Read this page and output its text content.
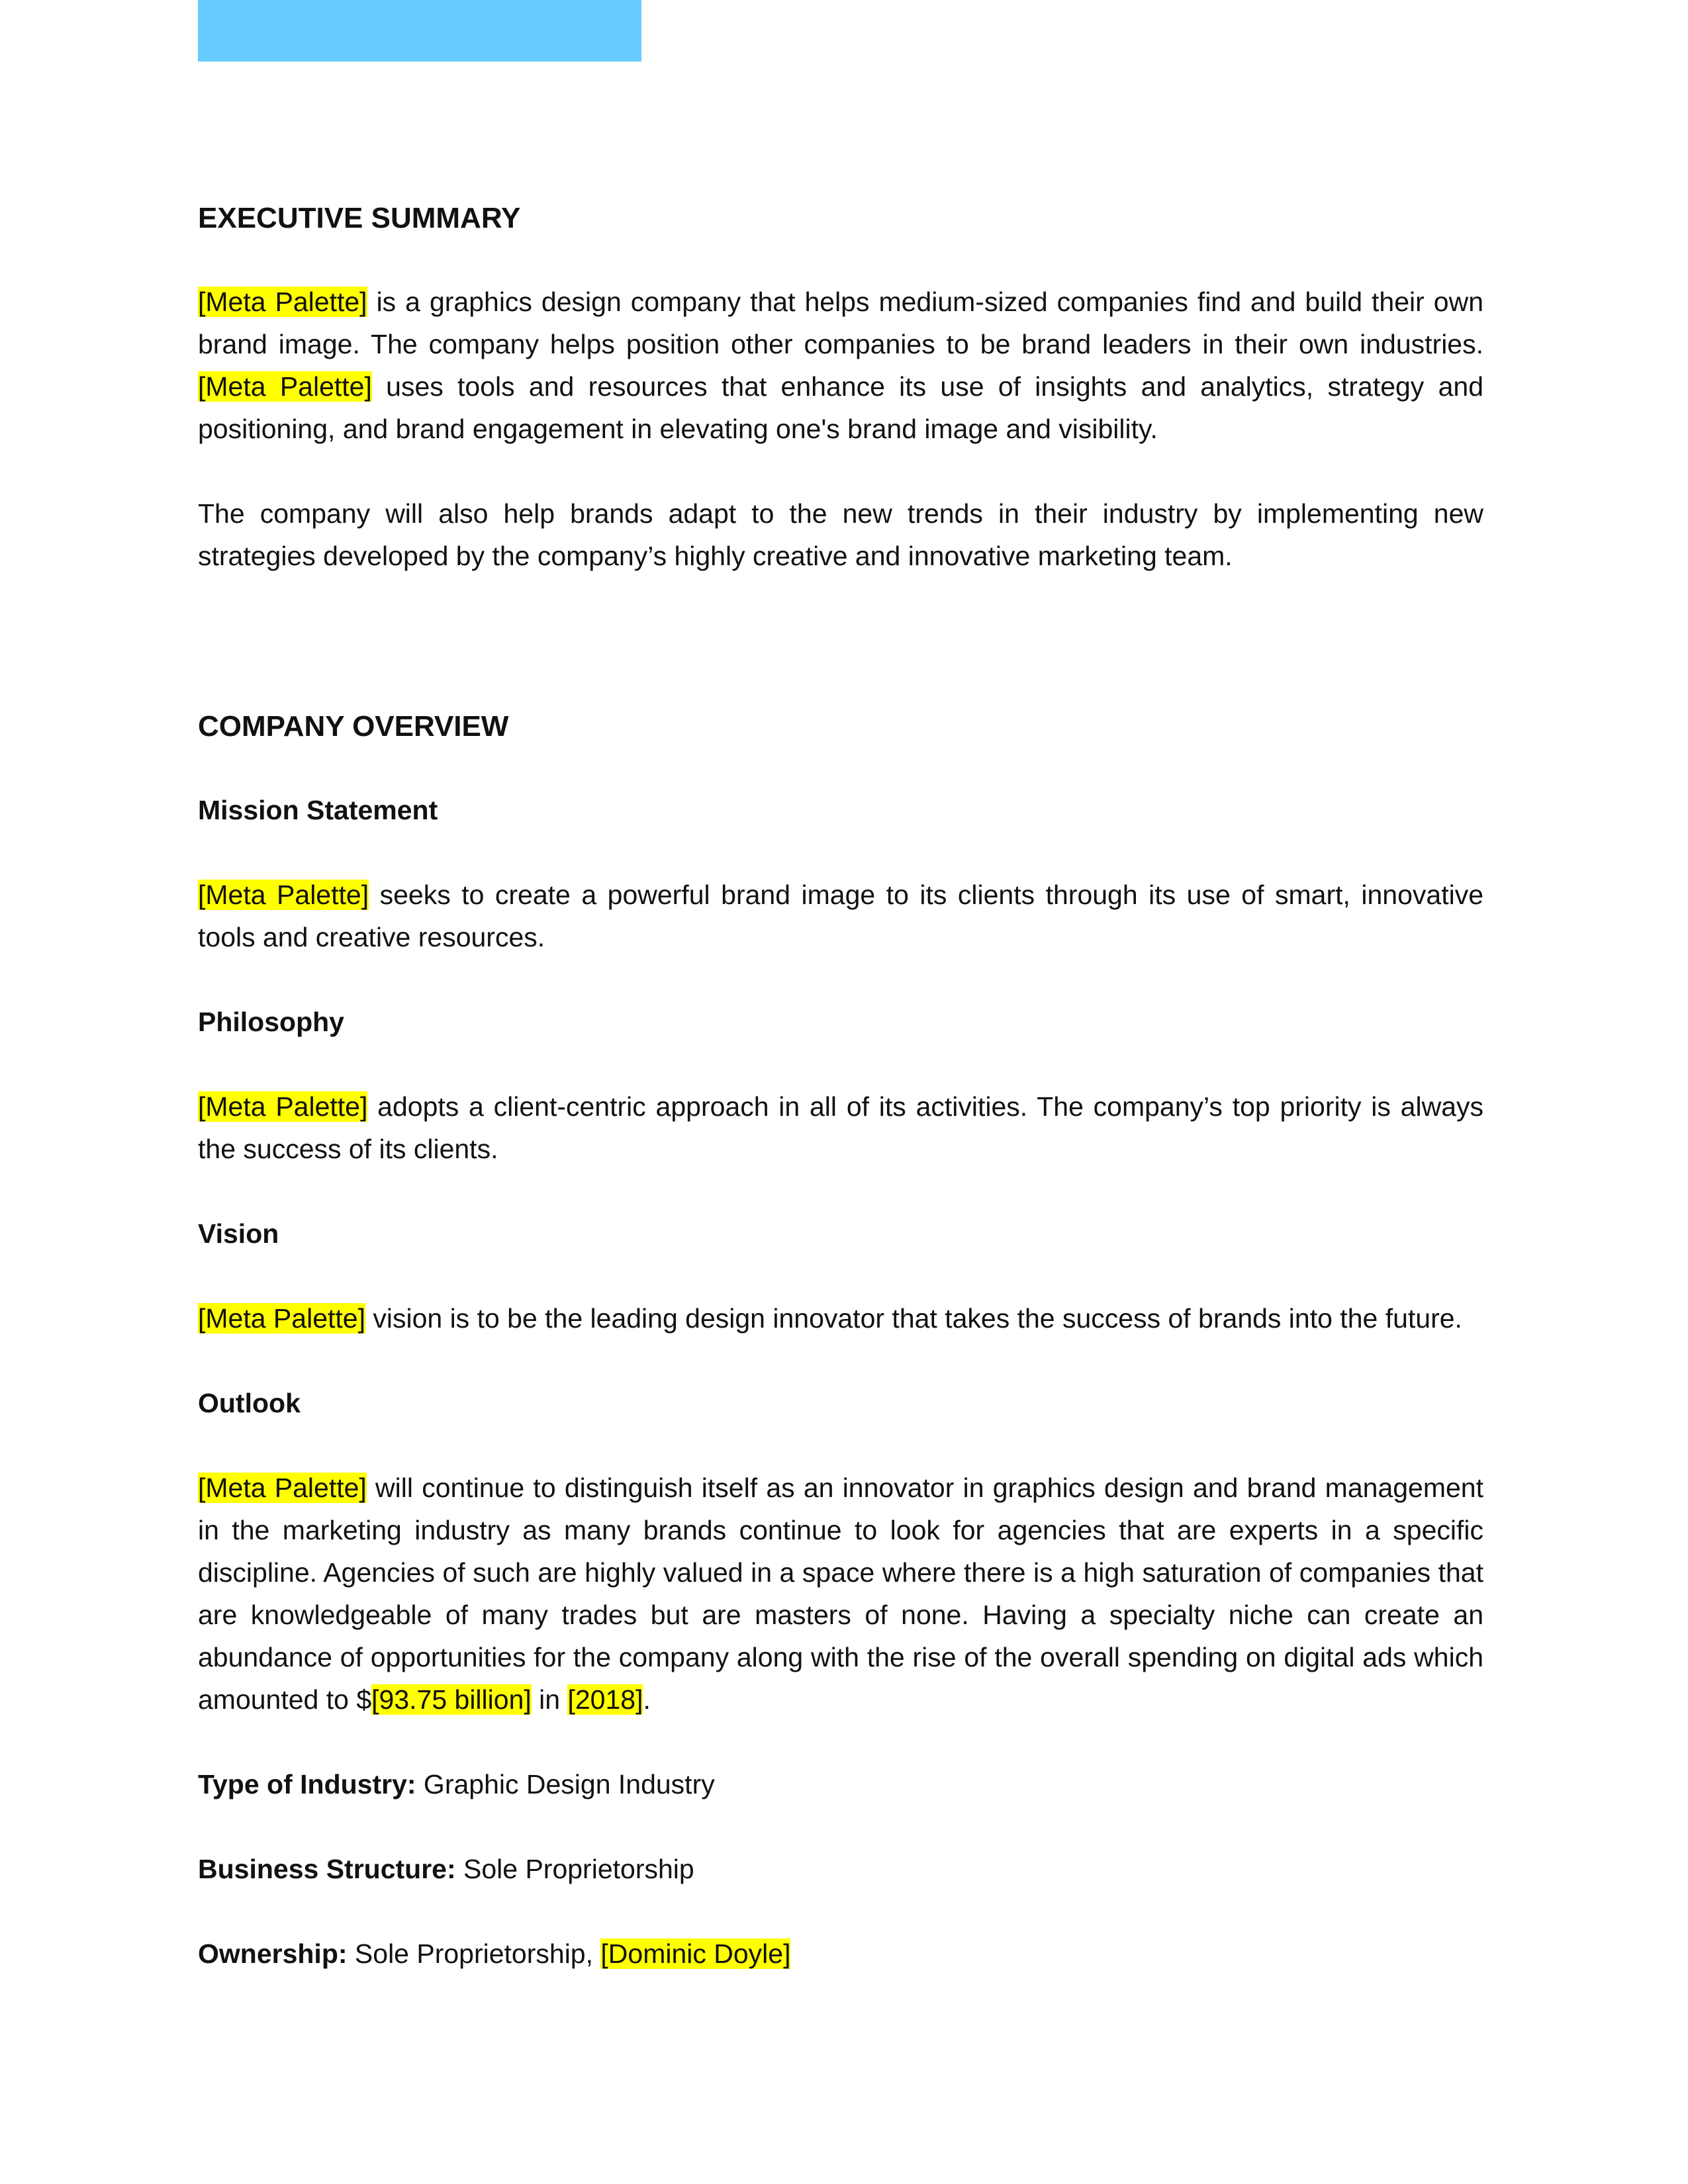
EXECUTIVE SUMMARY

[Meta Palette] is a graphics design company that helps medium-sized companies find and build their own brand image. The company helps position other companies to be brand leaders in their own industries. [Meta Palette] uses tools and resources that enhance its use of insights and analytics, strategy and positioning, and brand engagement in elevating one's brand image and visibility.

The company will also help brands adapt to the new trends in their industry by implementing new strategies developed by the company’s highly creative and innovative marketing team.

COMPANY OVERVIEW
Mission Statement

[Meta Palette] seeks to create a powerful brand image to its clients through its use of smart, innovative tools and creative resources.

Philosophy

[Meta Palette] adopts a client-centric approach in all of its activities. The company’s top priority is always the success of its clients.

Vision

[Meta Palette] vision is to be the leading design innovator that takes the success of brands into the future.

Outlook

[Meta Palette] will continue to distinguish itself as an innovator in graphics design and brand management in the marketing industry as many brands continue to look for agencies that are experts in a specific discipline. Agencies of such are highly valued in a space where there is a high saturation of companies that are knowledgeable of many trades but are masters of none. Having a specialty niche can create an abundance of opportunities for the company along with the rise of the overall spending on digital ads which amounted to $[93.75 billion] in [2018].

Type of Industry: Graphic Design Industry

Business Structure: Sole Proprietorship

Ownership: Sole Proprietorship, [Dominic Doyle]
